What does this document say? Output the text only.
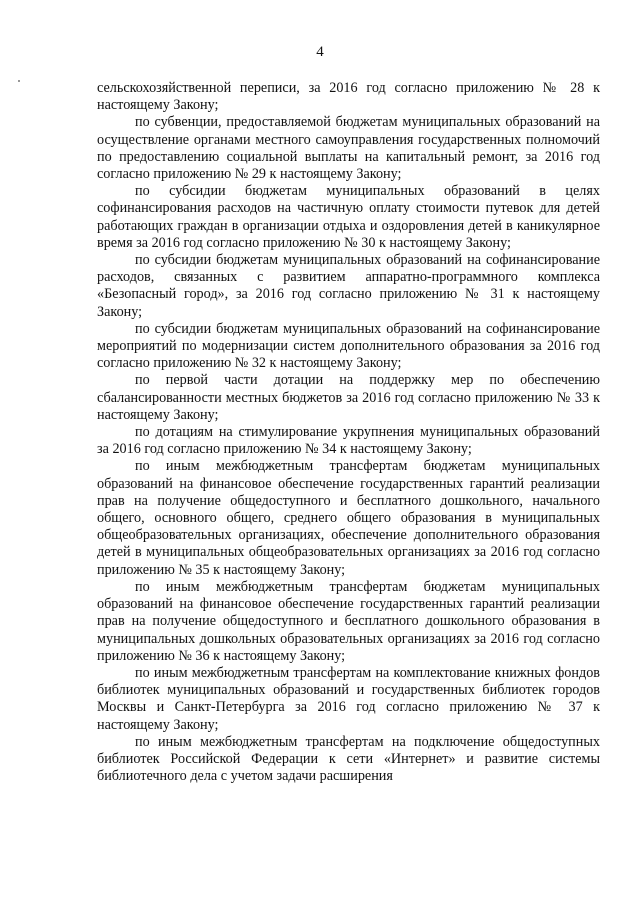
4

сельскохозяйственной переписи, за 2016 год согласно приложению № 28 к настоящему Закону;

по субвенции, предоставляемой бюджетам муниципальных образований на осуществление органами местного самоуправления государственных полномочий по предоставлению социальной выплаты на капитальный ремонт, за 2016 год согласно приложению № 29 к настоящему Закону;

по субсидии бюджетам муниципальных образований в целях софинансирования расходов на частичную оплату стоимости путевок для детей работающих граждан в организации отдыха и оздоровления детей в каникулярное время за 2016 год согласно приложению № 30 к настоящему Закону;

по субсидии бюджетам муниципальных образований на софинансирование расходов, связанных с развитием аппаратно-программного комплекса «Безопасный город», за 2016 год согласно приложению № 31 к настоящему Закону;

по субсидии бюджетам муниципальных образований на софинансирование мероприятий по модернизации систем дополнительного образования за 2016 год согласно приложению № 32 к настоящему Закону;

по первой части дотации на поддержку мер по обеспечению сбалансированности местных бюджетов за 2016 год согласно приложению № 33 к настоящему Закону;

по дотациям на стимулирование укрупнения муниципальных образований за 2016 год согласно приложению № 34 к настоящему Закону;

по иным межбюджетным трансфертам бюджетам муниципальных образований на финансовое обеспечение государственных гарантий реализации прав на получение общедоступного и бесплатного дошкольного, начального общего, основного общего, среднего общего образования в муниципальных общеобразовательных организациях, обеспечение дополнительного образования детей в муниципальных общеобразовательных организациях за 2016 год согласно приложению № 35 к настоящему Закону;

по иным межбюджетным трансфертам бюджетам муниципальных образований на финансовое обеспечение государственных гарантий реализации прав на получение общедоступного и бесплатного дошкольного образования в муниципальных дошкольных образовательных организациях за 2016 год согласно приложению № 36 к настоящему Закону;

по иным межбюджетным трансфертам на комплектование книжных фондов библиотек муниципальных образований и государственных библиотек городов Москвы и Санкт-Петербурга за 2016 год согласно приложению № 37 к настоящему Закону;

по иным межбюджетным трансфертам на подключение общедоступных библиотек Российской Федерации к сети «Интернет» и развитие системы библиотечного дела с учетом задачи расширения
